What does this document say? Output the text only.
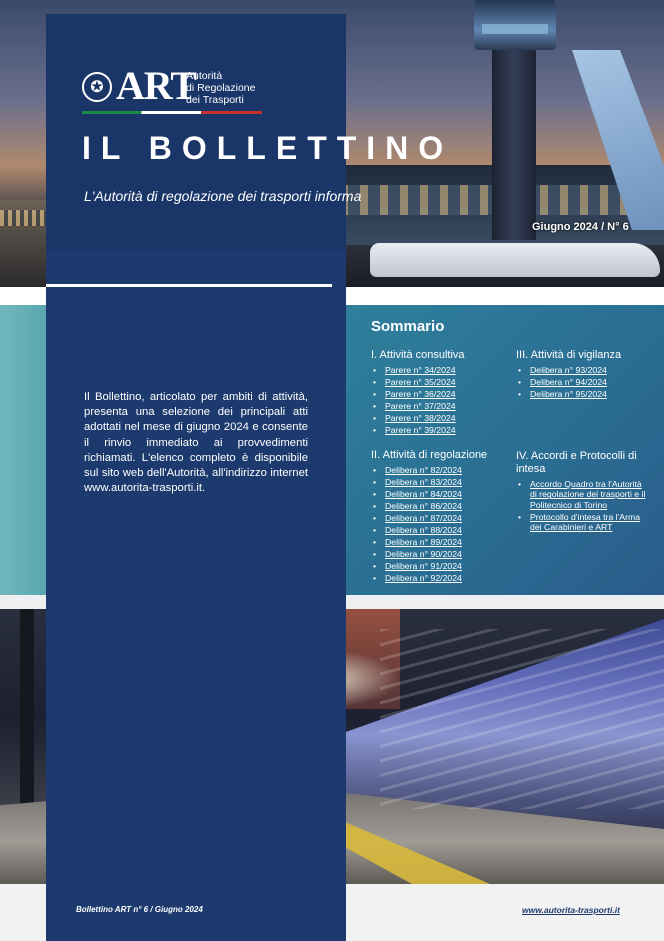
✪ ART
Autorità
di Regolazione
dei Trasporti
IL BOLLETTINO
L'Autorità di regolazione dei trasporti informa
Giugno 2024 / N° 6
Il Bollettino, articolato per ambiti di attività, presenta una selezione dei principali atti adottati nel mese di giugno 2024 e consente il rinvio immediato ai provvedimenti richiamati. L'elenco completo è disponibile sul sito web dell'Autorità, all'indirizzo internet www.autorita-trasporti.it.
Sommario
I. Attività consultiva
• Parere n° 34/2024
• Parere n° 35/2024
• Parere n° 36/2024
• Parere n° 37/2024
• Parere n° 38/2024
• Parere n° 39/2024
II. Attività di regolazione
• Delibera n° 82/2024
• Delibera n° 83/2024
• Delibera n° 84/2024
• Delibera n° 86/2024
• Delibera n° 87/2024
• Delibera n° 88/2024
• Delibera n° 89/2024
• Delibera n° 90/2024
• Delibera n° 91/2024
• Delibera n° 92/2024
III. Attività di vigilanza
• Delibera n° 93/2024
• Delibera n° 94/2024
• Delibera n° 95/2024
IV. Accordi e Protocolli di intesa
• Accordo Quadro tra l'Autorità di regolazione dei trasporti e il Politecnico di Torino
• Protocollo d'intesa tra l'Arma dei Carabinieri e ART
Bollettino ART n° 6 / Giugno 2024	www.autorita-trasporti.it
